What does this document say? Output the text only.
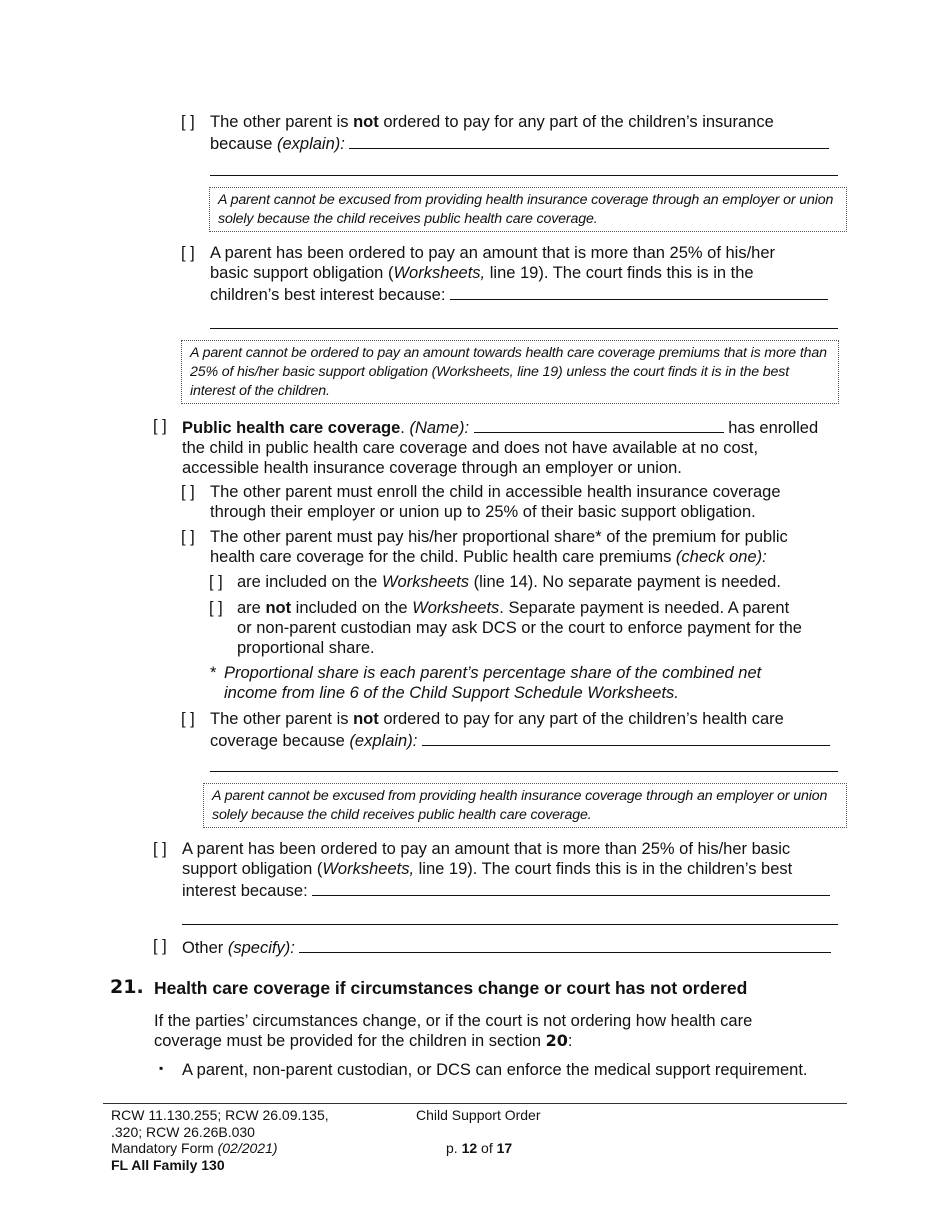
[ ] The other parent is not ordered to pay for any part of the children’s insurance
because (explain):
A parent cannot be excused from providing health insurance coverage through an employer or union solely because the child receives public health care coverage.
[ ] A parent has been ordered to pay an amount that is more than 25% of his/her
basic support obligation (Worksheets, line 19). The court finds this is in the
children’s best interest because:
A parent cannot be ordered to pay an amount towards health care coverage premiums that is more than 25% of his/her basic support obligation (Worksheets, line 19) unless the court finds it is in the best interest of the children.
[ ] Public health care coverage. (Name):	has enrolled
the child in public health care coverage and does not have available at no cost,
accessible health insurance coverage through an employer or union.
[ ] The other parent must enroll the child in accessible health insurance coverage
through their employer or union up to 25% of their basic support obligation.
[ ] The other parent must pay his/her proportional share* of the premium for public
health care coverage for the child. Public health care premiums (check one):
[ ] are included on the Worksheets (line 14). No separate payment is needed.
[ ] are not included on the Worksheets. Separate payment is needed. A parent
or non-parent custodian may ask DCS or the court to enforce payment for the
proportional share.
* Proportional share is each parent’s percentage share of the combined net
income from line 6 of the Child Support Schedule Worksheets.
[ ] The other parent is not ordered to pay for any part of the children’s health care
coverage because (explain):
A parent cannot be excused from providing health insurance coverage through an employer or union solely because the child receives public health care coverage.
[ ] A parent has been ordered to pay an amount that is more than 25% of his/her basic
support obligation (Worksheets, line 19). The court finds this is in the children’s best
interest because:
[ ] Other (specify):
21. Health care coverage if circumstances change or court has not ordered
If the parties’ circumstances change, or if the court is not ordering how health care
coverage must be provided for the children in section 20:
▪ A parent, non-parent custodian, or DCS can enforce the medical support requirement.
RCW 11.130.255; RCW 26.09.135,
.320; RCW 26.26B.030
Mandatory Form (02/2021)
FL All Family 130
Child Support Order
p. 12 of 17
